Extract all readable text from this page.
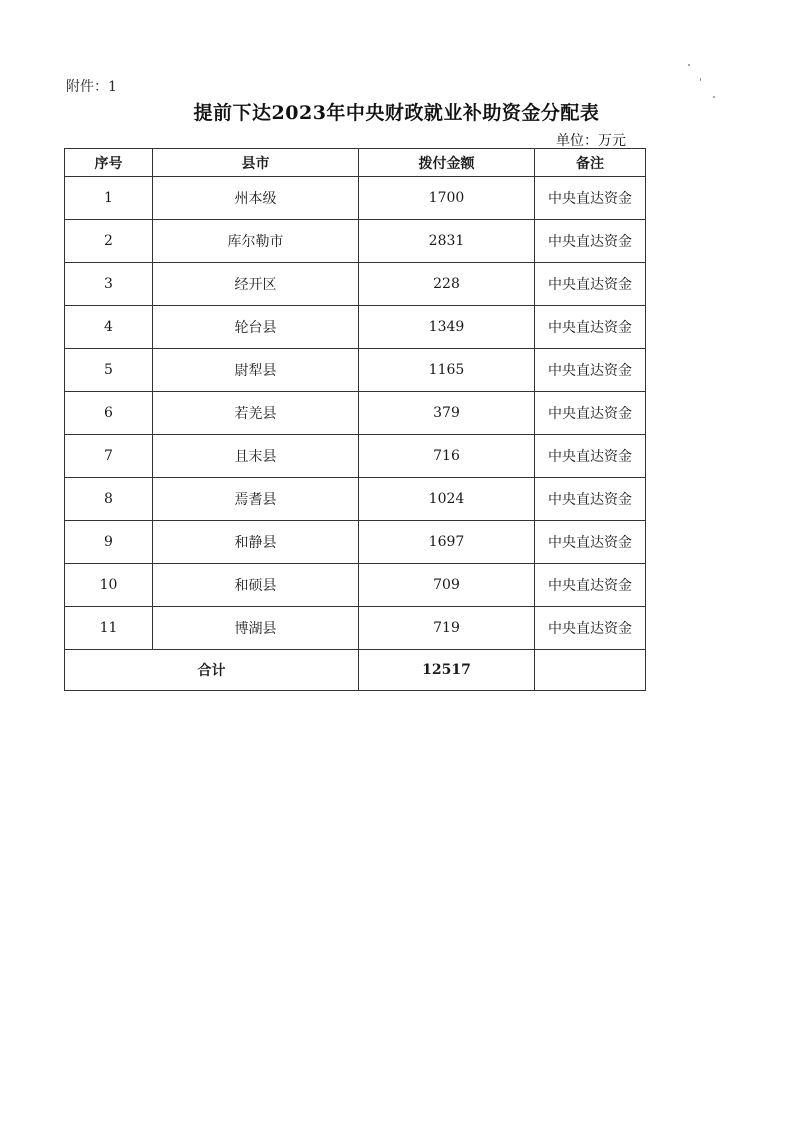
附件：1
提前下达2023年中央财政就业补助资金分配表
单位：万元
序号	县市	拨付金额	备注
1	州本级	1700	中央直达资金
2	库尔勒市	2831	中央直达资金
3	经开区	228	中央直达资金
4	轮台县	1349	中央直达资金
5	尉犁县	1165	中央直达资金
6	若羌县	379	中央直达资金
7	且末县	716	中央直达资金
8	焉耆县	1024	中央直达资金
9	和静县	1697	中央直达资金
10	和硕县	709	中央直达资金
11	博湖县	719	中央直达资金
合计		12517	
